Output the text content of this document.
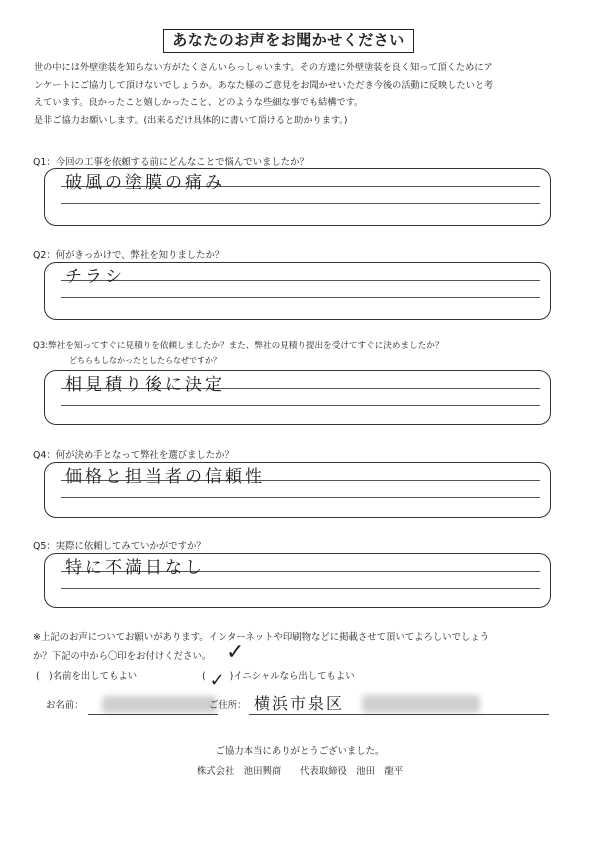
あなたのお声をお聞かせください

世の中には外壁塗装を知らない方がたくさんいらっしゃいます。その方達に外壁塗装を良く知って頂くためにア

ンケートにご協力して頂けないでしょうか。あなた様のご意見をお聞かせいただき今後の活動に反映したいと考

えています。良かったこと嬉しかったこと、どのような些細な事でも結構です。

是非ご協力お願いします。(出来るだけ具体的に書いて頂けると助かります。)

Q1：今回の工事を依頼する前にどんなことで悩んでいましたか？
破風の塗膜の痛み
Q2：何がきっかけで、弊社を知りましたか？
チラシ
Q3:弊社を知ってすぐに見積りを依頼しましたか？また、弊社の見積り提出を受けてすぐに決めましたか？
どちらもしなかったとしたらなぜですか？
相見積り後に決定
Q4：何が決め手となって弊社を選びましたか？
価格と担当者の信頼性
Q5：実際に依頼してみていかがですか？
特に不満日なし

※上記のお声についてお願いがあります。インターネットや印刷物などに掲載させて頂いてよろしいでしょう

か？下記の中から〇印をお付けください。 ✓
(　)名前を出してもよい	( ✓ )イニシャルなら出してもよい
お名前：	ご住所： 横浜市泉区

ご協力本当にありがとうございました。

株式会社　池田興商　　代表取締役　池田　龍平
